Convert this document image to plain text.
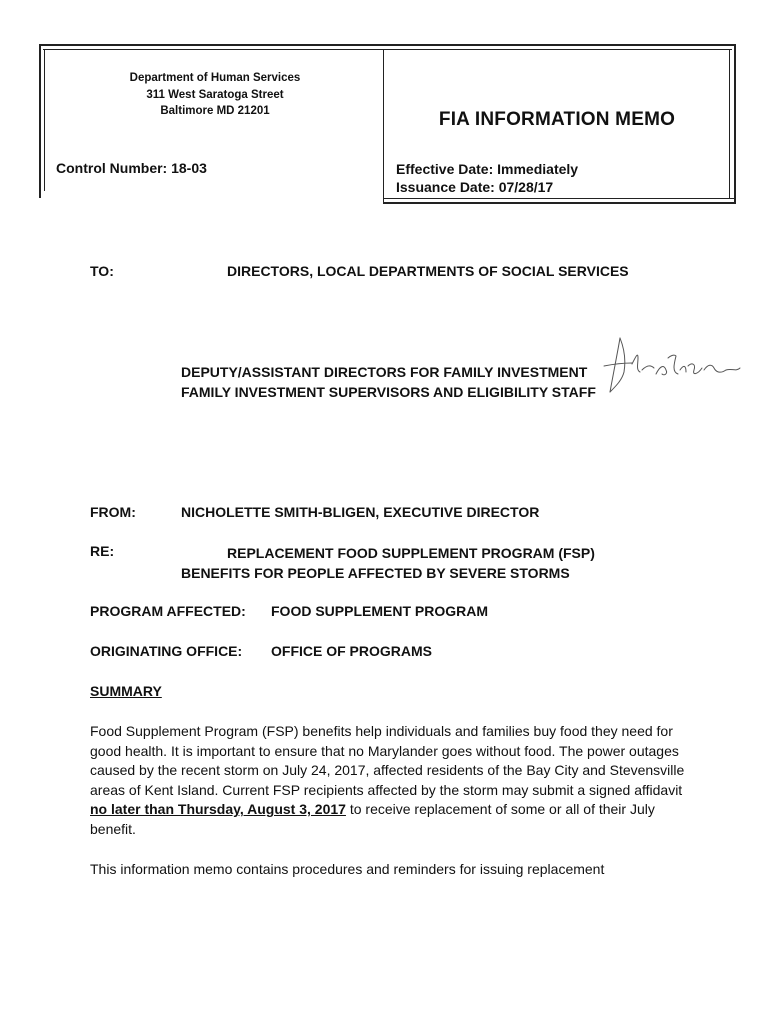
Department of Human Services
311 West Saratoga Street
Baltimore MD 21201	FIA INFORMATION MEMO
Control Number: 18-03	Effective Date: Immediately
Issuance Date: 07/28/17
TO:	DIRECTORS, LOCAL DEPARTMENTS OF SOCIAL SERVICES
DEPUTY/ASSISTANT DIRECTORS FOR FAMILY INVESTMENT
FAMILY INVESTMENT SUPERVISORS AND ELIGIBILITY STAFF
FROM:	NICHOLETTE SMITH-BLIGEN, EXECUTIVE DIRECTOR
RE:	REPLACEMENT FOOD SUPPLEMENT PROGRAM (FSP)
BENEFITS FOR PEOPLE AFFECTED BY SEVERE STORMS
PROGRAM AFFECTED: FOOD SUPPLEMENT PROGRAM
ORIGINATING OFFICE: OFFICE OF PROGRAMS
SUMMARY
Food Supplement Program (FSP) benefits help individuals and families buy food they need for good health. It is important to ensure that no Marylander goes without food. The power outages caused by the recent storm on July 24, 2017, affected residents of the Bay City and Stevensville areas of Kent Island. Current FSP recipients affected by the storm may submit a signed affidavit no later than Thursday, August 3, 2017 to receive replacement of some or all of their July benefit.
This information memo contains procedures and reminders for issuing replacement
